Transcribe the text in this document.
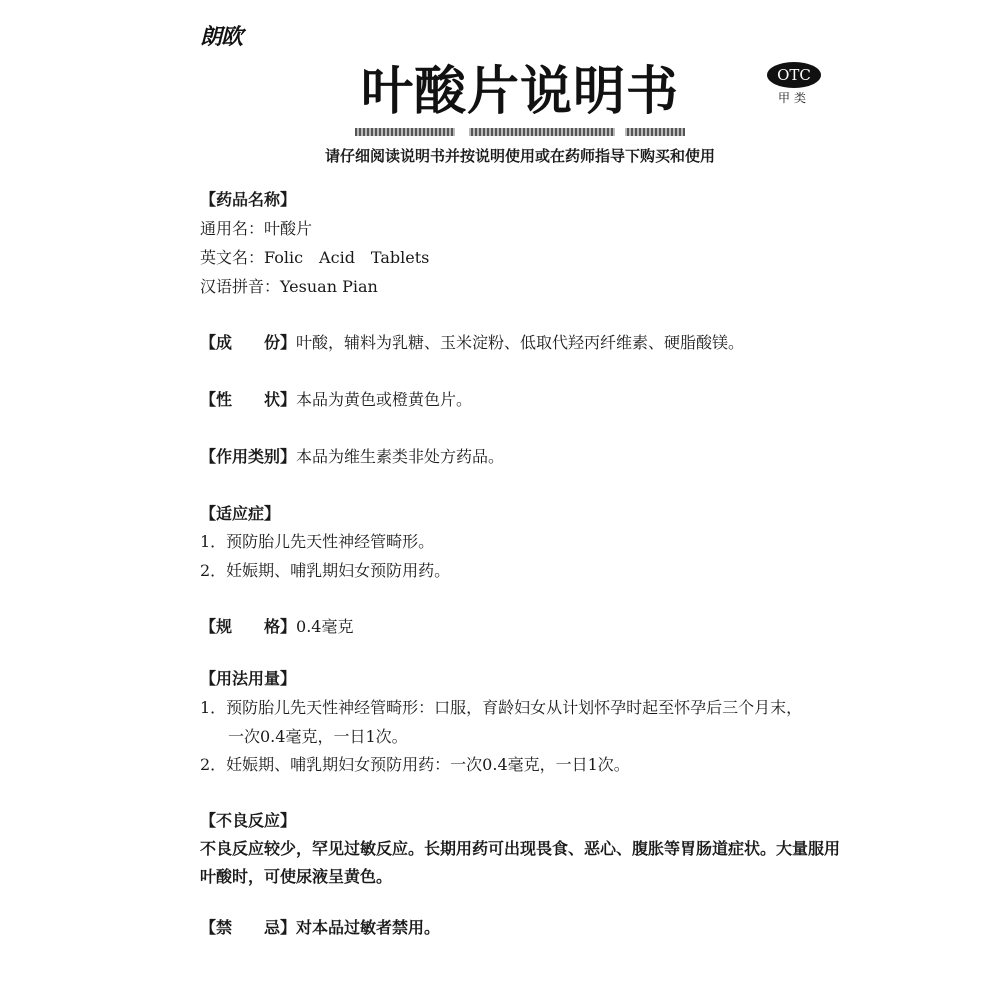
朗欧
叶酸片说明书	OTC
甲类
请仔细阅读说明书并按说明使用或在药师指导下购买和使用
【药品名称】
通用名：叶酸片
英文名：Folic　Acid　Tablets
汉语拼音：Yesuan Pian
【成　　份】叶酸，辅料为乳糖、玉米淀粉、低取代羟丙纤维素、硬脂酸镁。
【性　　状】本品为黄色或橙黄色片。
【作用类别】本品为维生素类非处方药品。
【适应症】
1．预防胎儿先天性神经管畸形。
2．妊娠期、哺乳期妇女预防用药。
【规　　格】0.4毫克
【用法用量】
1．预防胎儿先天性神经管畸形：口服，育龄妇女从计划怀孕时起至怀孕后三个月末，
一次0.4毫克，一日1次。
2．妊娠期、哺乳期妇女预防用药：一次0.4毫克，一日1次。
【不良反应】
不良反应较少，罕见过敏反应。长期用药可出现畏食、恶心、腹胀等胃肠道症状。大量服用叶酸时，可使尿液呈黄色。
【禁　　忌】对本品过敏者禁用。
